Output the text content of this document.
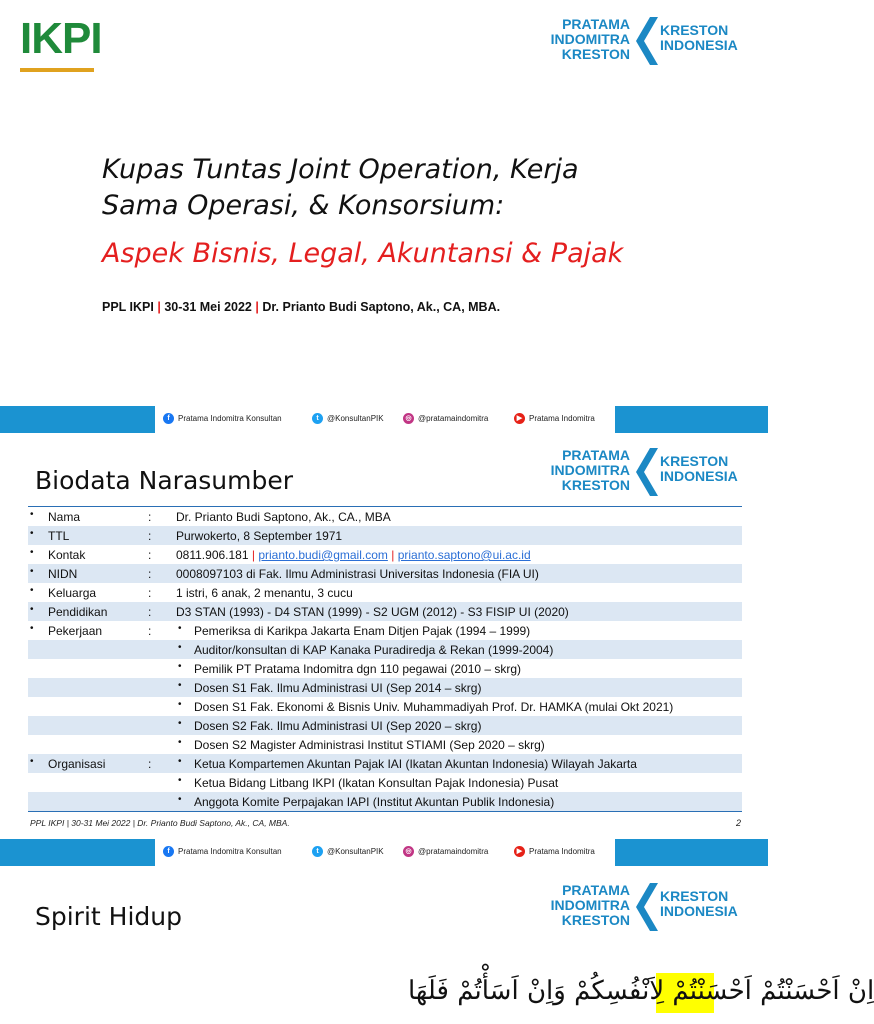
IKPI	PRATAMA
INDOMITRA
KRESTON
KRESTON
INDONESIA
Kupas Tuntas Joint Operation, Kerja
Sama Operasi, & Konsorsium:
Aspek Bisnis, Legal, Akuntansi & Pajak
PPL IKPI | 30-31 Mei 2022 | Dr. Prianto Budi Saptono, Ak., CA, MBA.
f	Pratama Indomitra Konsultan	t	@KonsultanPIK	◎ @pratamaindomitra	▶ Pratama Indomitra
Biodata Narasumber
PRATAMA
INDOMITRA
KRESTON
KRESTON
INDONESIA
• Nama	: Dr. Prianto Budi Saptono, Ak., CA., MBA
• TTL	: Purwokerto, 8 September 1971
• Kontak	: 0811.906.181 | prianto.budi@gmail.com | prianto.saptono@ui.ac.id
• NIDN	: 0008097103 di Fak. Ilmu Administrasi Universitas Indonesia (FIA UI)
• Keluarga	: 1 istri, 6 anak, 2 menantu, 3 cucu
• Pendidikan	: D3 STAN (1993) - D4 STAN (1999) - S2 UGM (2012) - S3 FISIP UI (2020)
• Pekerjaan	:	• Pemeriksa di Karikpa Jakarta Enam Ditjen Pajak (1994 – 1999)
• Auditor/konsultan di KAP Kanaka Puradiredja & Rekan (1999-2004)
• Pemilik PT Pratama Indomitra dgn 110 pegawai (2010 – skrg)
• Dosen S1 Fak. Ilmu Administrasi UI (Sep 2014 – skrg)
• Dosen S1 Fak. Ekonomi & Bisnis Univ. Muhammadiyah Prof. Dr. HAMKA (mulai Okt 2021)
• Dosen S2 Fak. Ilmu Administrasi UI (Sep 2020 – skrg)
• Dosen S2 Magister Administrasi Institut STIAMI (Sep 2020 – skrg)
• Organisasi	:	• Ketua Kompartemen Akuntan Pajak IAI (Ikatan Akuntan Indonesia) Wilayah Jakarta
• Ketua Bidang Litbang IKPI (Ikatan Konsultan Pajak Indonesia) Pusat
• Anggota Komite Perpajakan IAPI (Institut Akuntan Publik Indonesia)
PPL IKPI | 30-31 Mei 2022 | Dr. Prianto Budi Saptono, Ak., CA, MBA.	2
f	Pratama Indomitra Konsultan	t	@KonsultanPIK	◎ @pratamaindomitra	▶ Pratama Indomitra
Spirit Hidup
PRATAMA
INDOMITRA
KRESTON
KRESTON
INDONESIA
اِنْ اَحْسَنْتُمْ اَحْسَنْتُمْ لِاَنْفُسِكُمْ وَاِنْ اَسَأْتُمْ فَلَهَا
